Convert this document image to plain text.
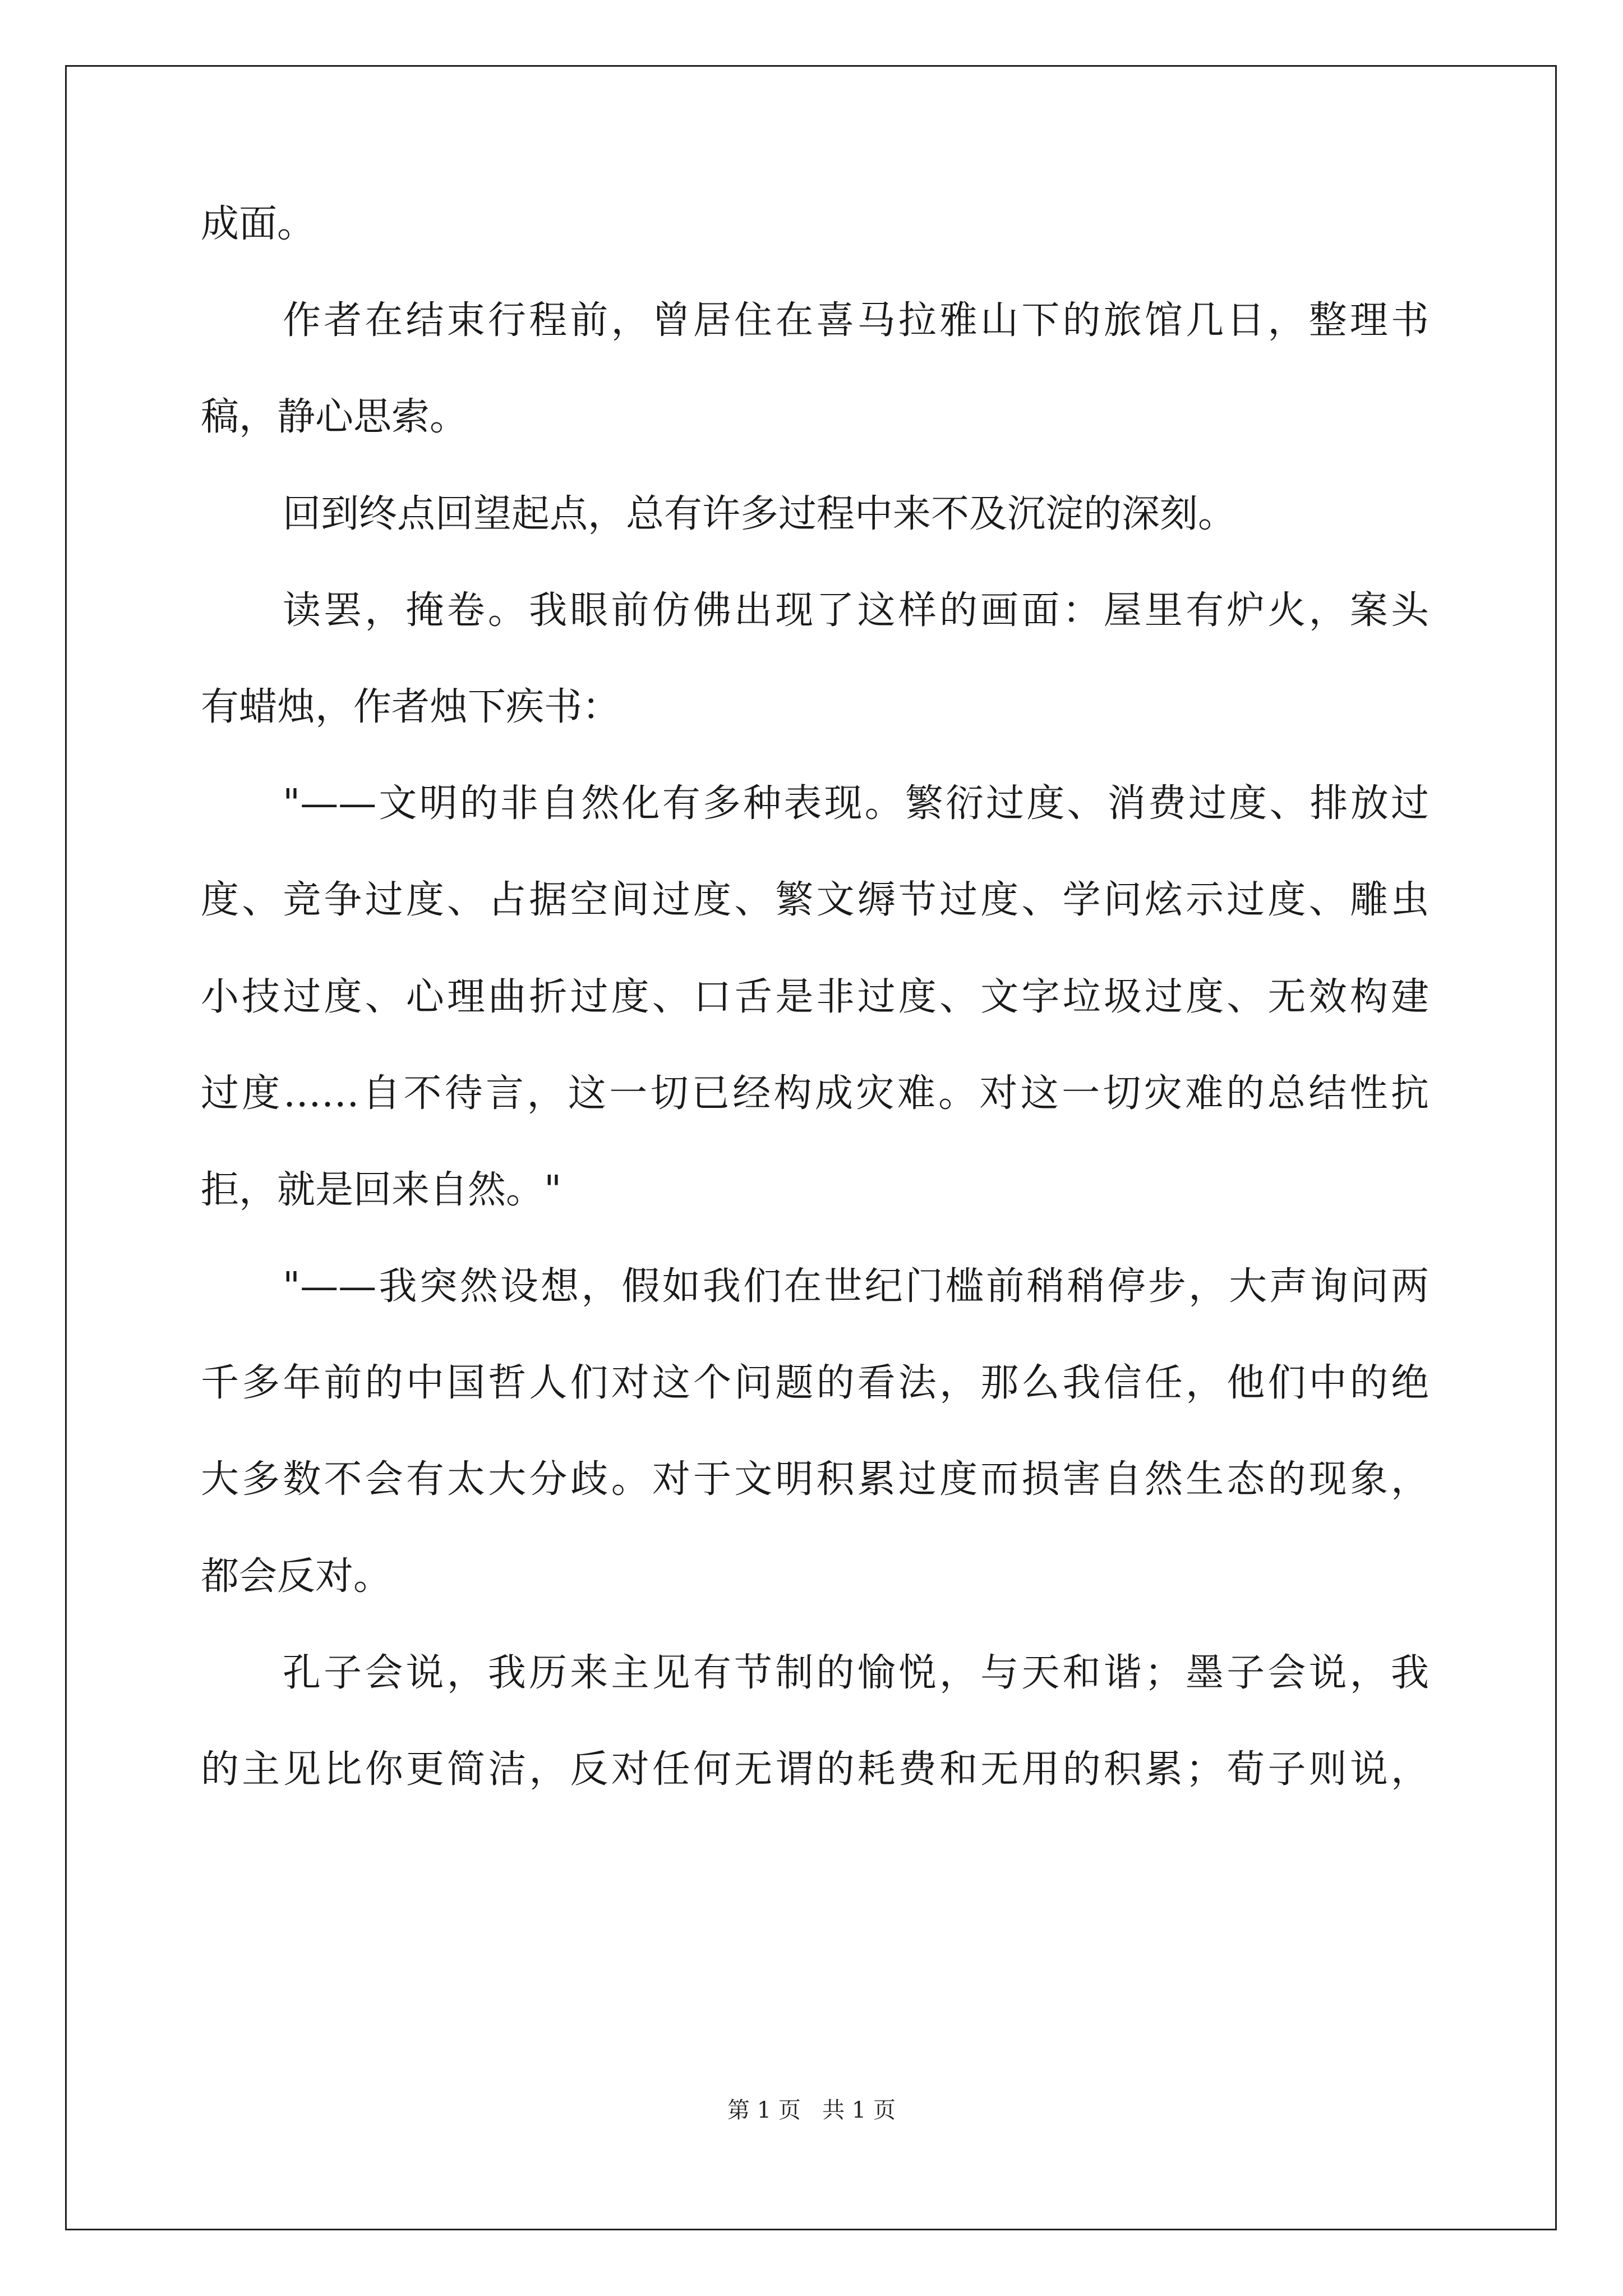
成面。
作者在结束行程前，曾居住在喜马拉雅山下的旅馆几日，整理书
稿，静心思索。
回到终点回望起点，总有许多过程中来不及沉淀的深刻。
读罢，掩卷。我眼前仿佛出现了这样的画面：屋里有炉火，案头
有蜡烛，作者烛下疾书：
"——文明的非自然化有多种表现。繁衍过度、消费过度、排放过
度、竞争过度、占据空间过度、繁文缛节过度、学问炫示过度、雕虫
小技过度、心理曲折过度、口舌是非过度、文字垃圾过度、无效构建
过度……自不待言，这一切已经构成灾难。对这一切灾难的总结性抗
拒，就是回来自然。"
"——我突然设想，假如我们在世纪门槛前稍稍停步，大声询问两
千多年前的中国哲人们对这个问题的看法，那么我信任，他们中的绝
大多数不会有太大分歧。对于文明积累过度而损害自然生态的现象，
都会反对。
孔子会说，我历来主见有节制的愉悦，与天和谐；墨子会说，我
的主见比你更简洁，反对任何无谓的耗费和无用的积累；荀子则说，
第 1 页 共 1 页
